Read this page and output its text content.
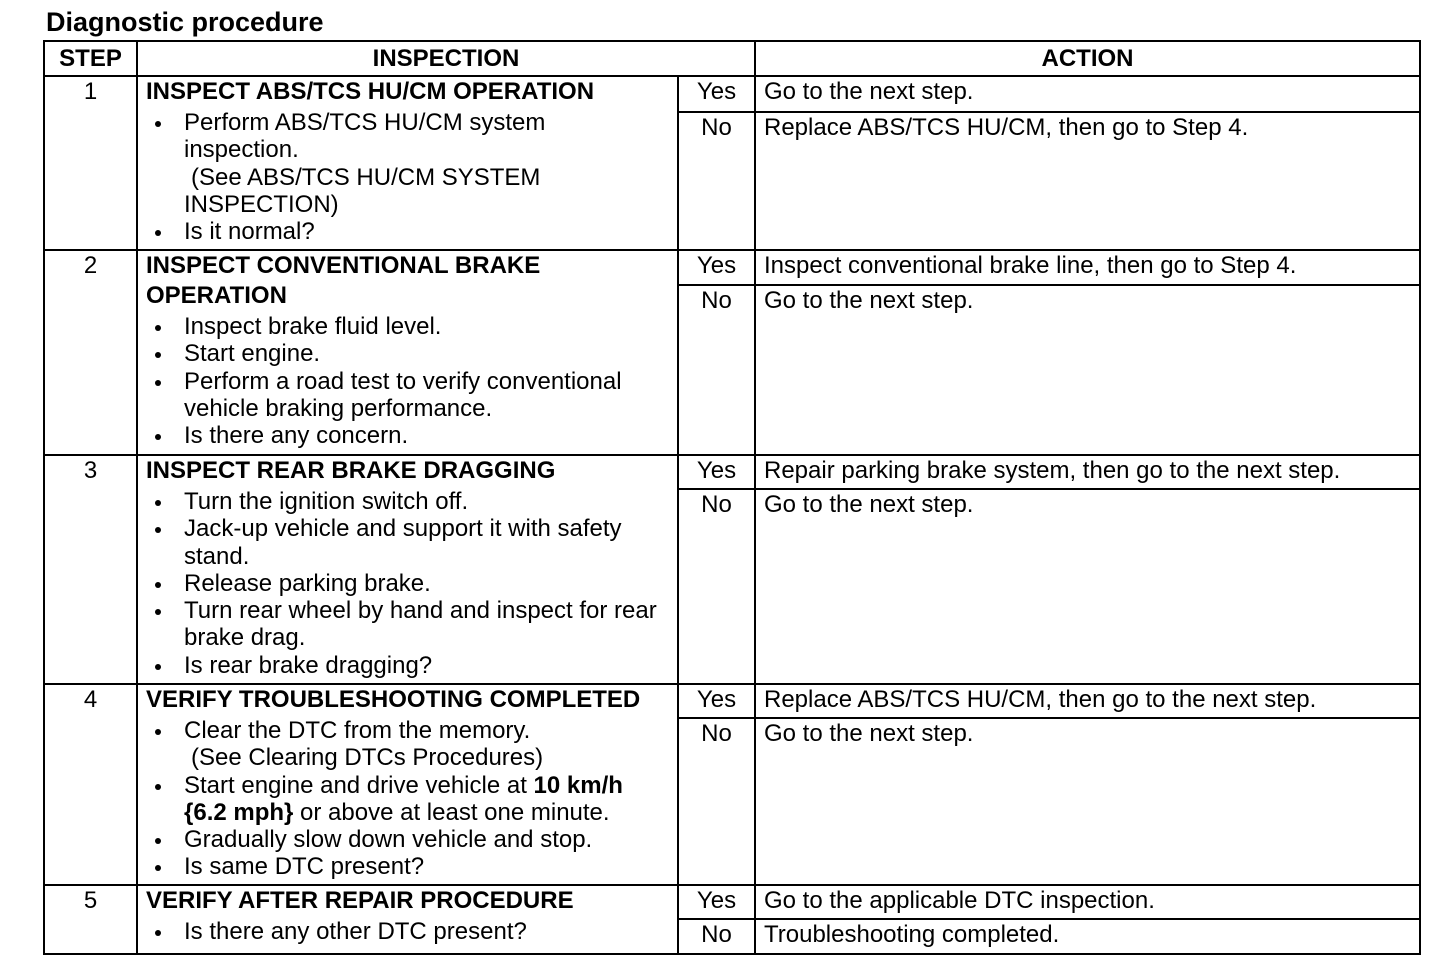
Diagnostic procedure
STEP	INSPECTION	ACTION
1	INSPECT ABS/TCS HU/CM OPERATION
Perform ABS/TCS HU/CM system inspection.
(See ABS/TCS HU/CM SYSTEM INSPECTION)
Is it normal?
Yes	Go to the next step.
No	Replace ABS/TCS HU/CM, then go to Step 4.
2	INSPECT CONVENTIONAL BRAKE OPERATION
Inspect brake fluid level.
Start engine.
Perform a road test to verify conventional vehicle braking performance.
Is there any concern.
Yes	Inspect conventional brake line, then go to Step 4.
No	Go to the next step.
3	INSPECT REAR BRAKE DRAGGING
Turn the ignition switch off.
Jack-up vehicle and support it with safety stand.
Release parking brake.
Turn rear wheel by hand and inspect for rear brake drag.
Is rear brake dragging?
Yes	Repair parking brake system, then go to the next step.
No	Go to the next step.
4	VERIFY TROUBLESHOOTING COMPLETED
Clear the DTC from the memory.
(See Clearing DTCs Procedures)
Start engine and drive vehicle at 10 km/h {6.2 mph} or above at least one minute.
Gradually slow down vehicle and stop.
Is same DTC present?
Yes	Replace ABS/TCS HU/CM, then go to the next step.
No	Go to the next step.
5	VERIFY AFTER REPAIR PROCEDURE
Is there any other DTC present?
Yes	Go to the applicable DTC inspection.
No	Troubleshooting completed.
